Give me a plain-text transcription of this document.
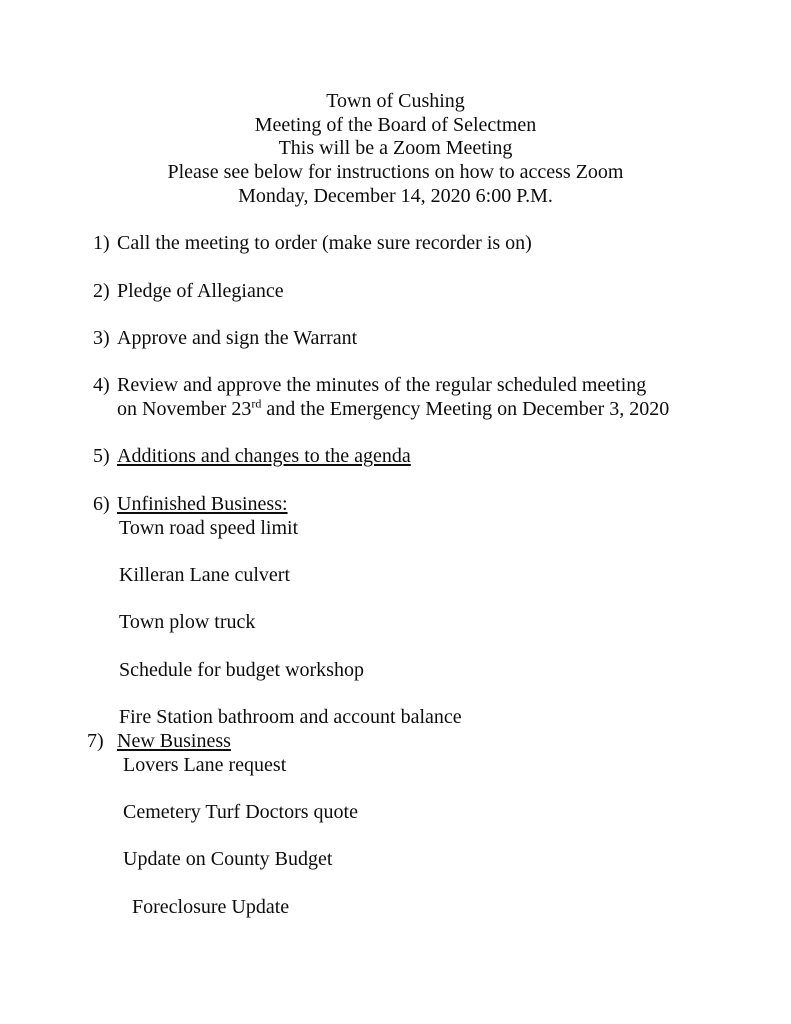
Town of Cushing
Meeting of the Board of Selectmen
This will be a Zoom Meeting
Please see below for instructions on how to access Zoom
Monday, December 14, 2020 6:00 P.M.
1) Call the meeting to order (make sure recorder is on)
2) Pledge of Allegiance
3) Approve and sign the Warrant
4) Review and approve the minutes of the regular scheduled meeting
on November 23rd and the Emergency Meeting on December 3, 2020
5) Additions and changes to the agenda
6) Unfinished Business:
Town road speed limit
Killeran Lane culvert
Town plow truck
Schedule for budget workshop
Fire Station bathroom and account balance
7) New Business
Lovers Lane request
Cemetery Turf Doctors quote
Update on County Budget
Foreclosure Update
